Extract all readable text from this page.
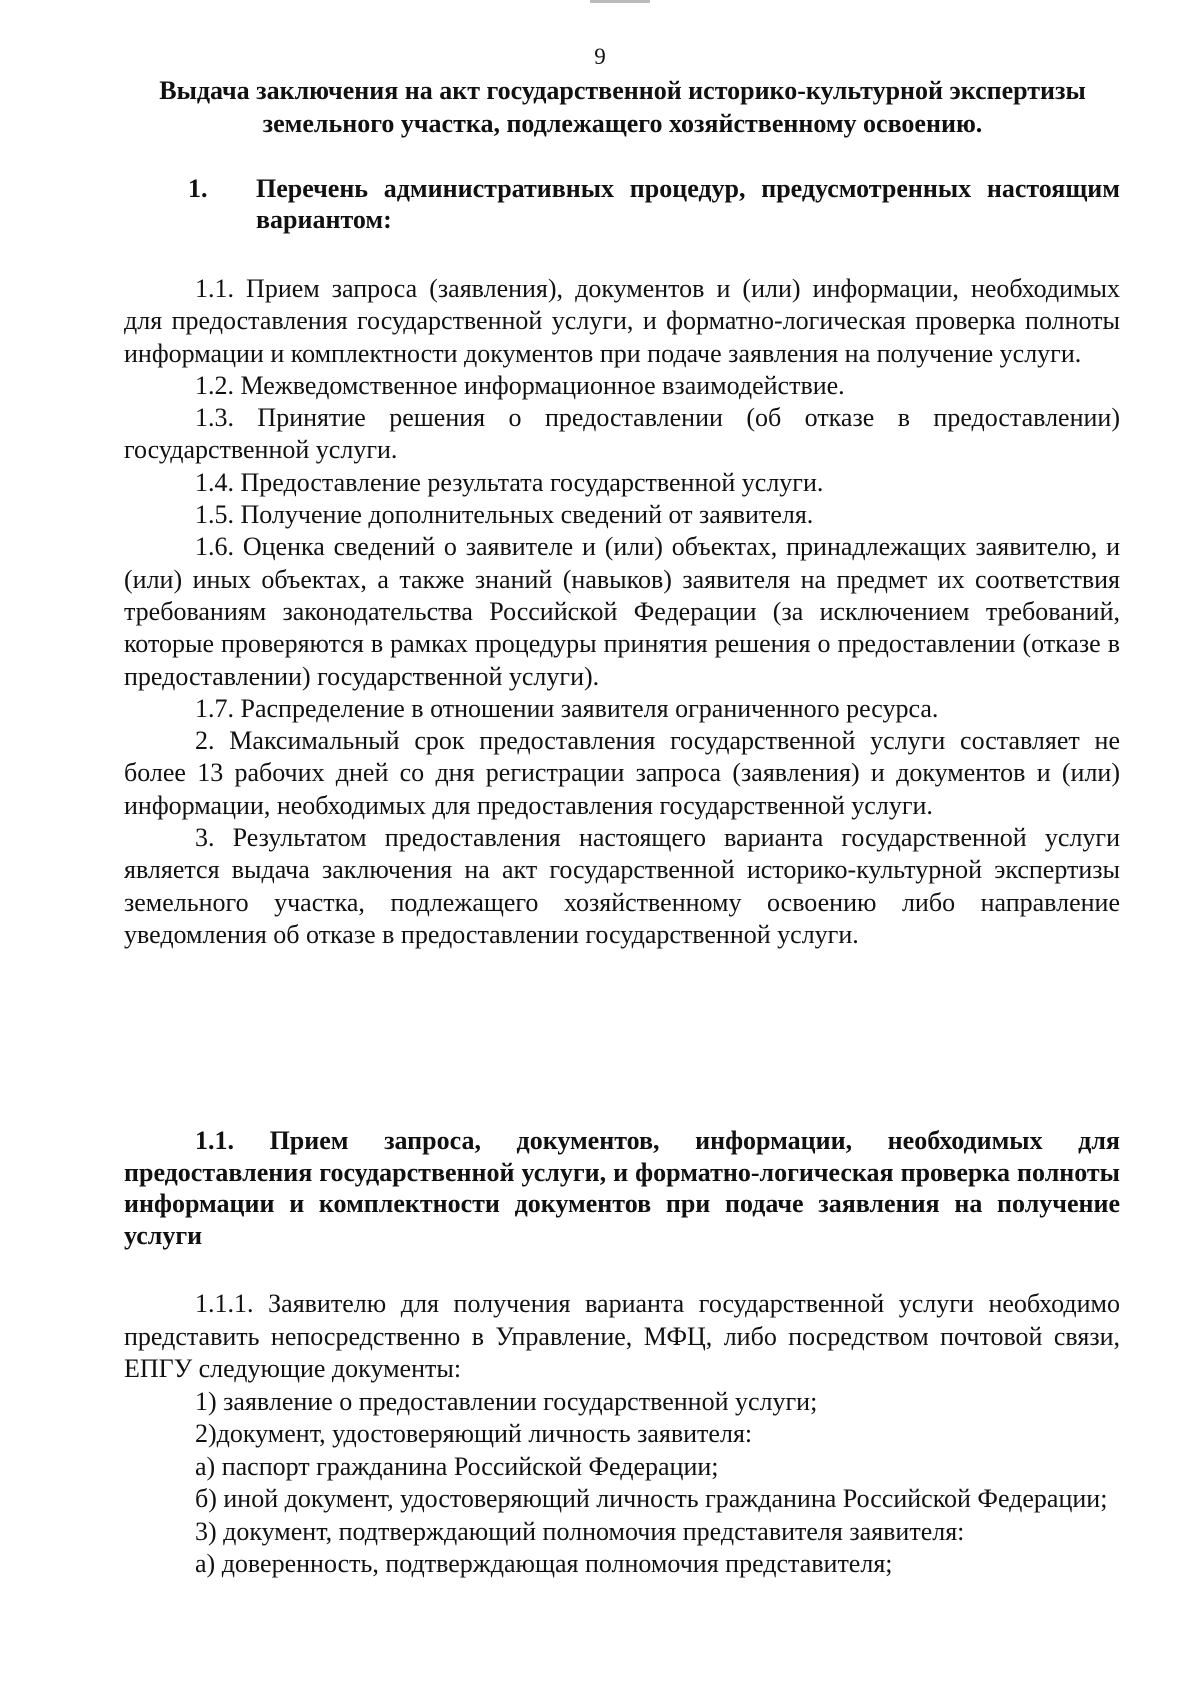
9
Выдача заключения на акт государственной историко-культурной экспертизы земельного участка, подлежащего хозяйственному освоению.
1. Перечень административных процедур, предусмотренных настоящим вариантом:

1.1. Прием запроса (заявления), документов и (или) информации, необходимых для предоставления государственной услуги, и форматно-логическая проверка полноты информации и комплектности документов при подаче заявления на получение услуги.

1.2. Межведомственное информационное взаимодействие.

1.3. Принятие решения о предоставлении (об отказе в предоставлении) государственной услуги.

1.4. Предоставление результата государственной услуги.

1.5. Получение дополнительных сведений от заявителя.

1.6. Оценка сведений о заявителе и (или) объектах, принадлежащих заявителю, и (или) иных объектах, а также знаний (навыков) заявителя на предмет их соответствия требованиям законодательства Российской Федерации (за исключением требований, которые проверяются в рамках процедуры принятия решения о предоставлении (отказе в предоставлении) государственной услуги).

1.7. Распределение в отношении заявителя ограниченного ресурса.

2. Максимальный срок предоставления государственной услуги составляет не более 13 рабочих дней со дня регистрации запроса (заявления) и документов и (или) информации, необходимых для предоставления государственной услуги.

3. Результатом предоставления настоящего варианта государственной услуги является выдача заключения на акт государственной историко-культурной экспертизы земельного участка, подлежащего хозяйственному освоению либо направление уведомления об отказе в предоставлении государственной услуги.

1.1. Прием запроса, документов, информации, необходимых для предоставления государственной услуги, и форматно-логическая проверка полноты информации и комплектности документов при подаче заявления на получение услуги

1.1.1. Заявителю для получения варианта государственной услуги необходимо представить непосредственно в Управление, МФЦ, либо посредством почтовой связи, ЕПГУ следующие документы:

1) заявление о предоставлении государственной услуги;

2)документ, удостоверяющий личность заявителя:

а) паспорт гражданина Российской Федерации;

б) иной документ, удостоверяющий личность гражданина Российской Федерации;

3) документ, подтверждающий полномочия представителя заявителя:

а) доверенность, подтверждающая полномочия представителя;
